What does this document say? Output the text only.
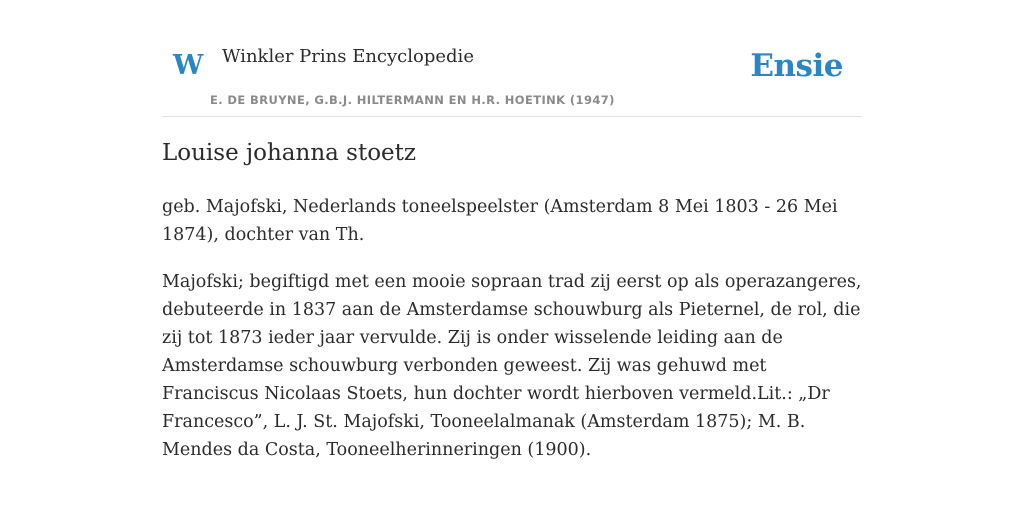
W Winkler Prins Encyclopedie
E. DE BRUYNE, G.B.J. HILTERMANN EN H.R. HOETINK (1947)
Ensie
Louise johanna stoetz

geb. Majofski, Nederlands toneelspeelster (Amsterdam 8 Mei 1803 - 26 Mei 1874), dochter van Th.

Majofski; begiftigd met een mooie sopraan trad zij eerst op als operazangeres, debuteerde in 1837 aan de Amsterdamse schouwburg als Pieternel, de rol, die zij tot 1873 ieder jaar vervulde. Zij is onder wisselende leiding aan de Amsterdamse schouwburg verbonden geweest. Zij was gehuwd met Franciscus Nicolaas Stoets, hun dochter wordt hierboven vermeld.Lit.: „Dr Francesco”, L. J. St. Majofski, Tooneelalmanak (Amsterdam 1875); M. B. Mendes da Costa, Tooneelherinneringen (1900).
